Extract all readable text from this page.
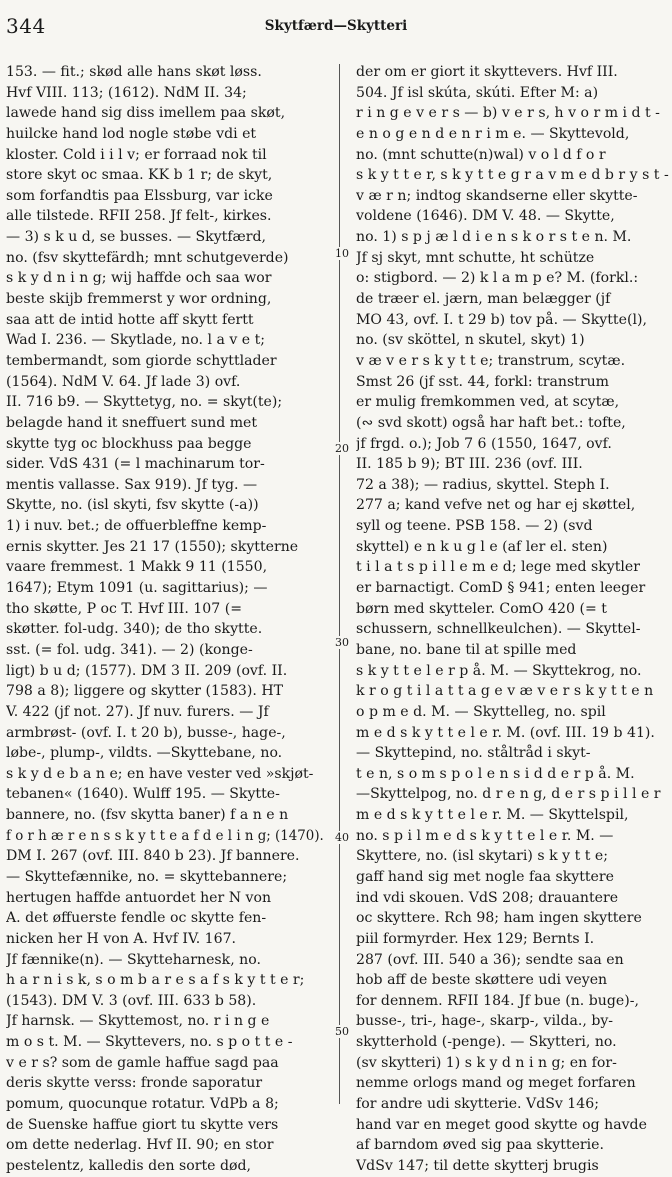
344	Skytfærd—Skytteri
153. — fit.; skød alle hans skøt løss.
Hvf VIII. 113; (1612). NdM II. 34;
lawede hand sig diss imellem paa skøt,
huilcke hand lod nogle støbe vdi et
kloster. Cold i i l v; er forraad nok til
store skyt oc smaa. KK b 1 r; de skyt,
som forfandtis paa Elssburg, var icke
alle tilstede. RFII 258. Jf felt-, kirkes.
— 3) s k u d, se busses. — Skytfærd,
no. (fsv skyttefärdh; mnt schutgeverde)
s k y d n i n g; wij haffde och saa wor
beste skijb fremmerst y wor ordning,
saa att de intid hotte aff skytt fertt
Wad I. 236. — Skytlade, no. l a v e t;
tembermandt, som giorde schyttlader
(1564). NdM V. 64. Jf lade 3) ovf.
II. 716 b9. — Skyttetyg, no. = skyt(te);
belagde hand it sneffuert sund met
skytte tyg oc blockhuss paa begge
sider. VdS 431 (= l machinarum tor-
mentis vallasse. Sax 919). Jf tyg. —
Skytte, no. (isl skyti, fsv skytte (-a))
1) i nuv. bet.; de offuerbleffne kemp-
ernis skytter. Jes 21 17 (1550); skytterne
vaare fremmest. 1 Makk 9 11 (1550,
1647); Etym 1091 (u. sagittarius); —
tho skøtte, P oc T. Hvf III. 107 (=
skøtter. fol-udg. 340); de tho skytte.
sst. (= fol. udg. 341). — 2) (konge-
ligt) b u d; (1577). DM 3 II. 209 (ovf. II.
798 a 8); liggere og skytter (1583). HT
V. 422 (jf not. 27). Jf nuv. furers. — Jf
armbrøst- (ovf. I. t 20 b), busse-, hage-,
løbe-, plump-, vildts. —Skyttebane, no.
s k y d e b a n e; en have vester ved »skjøt-
tebanen« (1640). Wulff 195. — Skytte-
bannere, no. (fsv skytta baner) f a n e n
f o r h æ r e n s s k y t t e a f d e l i n g; (1470).
DM I. 267 (ovf. III. 840 b 23). Jf bannere.
— Skyttefænnike, no. = skyttebannere;
hertugen haffde antuordet her N von
A. det øffuerste fendle oc skytte fen-
nicken her H von A. Hvf IV. 167.
Jf fænnike(n). — Skytteharnesk, no.
h a r n i s k, s o m b a r e s a f s k y t t e r;
(1543). DM V. 3 (ovf. III. 633 b 58).
Jf harnsk. — Skyttemost, no. r i n g e
m o s t. M. — Skyttevers, no. s p o t t e -
v e r s? som de gamle haffue sagd paa
deris skytte verss: fronde saporatur
pomum, quocunque rotatur. VdPb a 8;
de Suenske haffue giort tu skytte vers
om dette nederlag. Hvf II. 90; en stor
pestelentz, kalledis den sorte død,
10
20
30
40
50
der om er giort it skyttevers. Hvf III.
504. Jf isl skúta, skúti. Efter M: a)
r i n g e v e r s — b) v e r s, h v o r m i d t -
e n o g e n d e n r i m e. — Skyttevold,
no. (mnt schutte(n)wal) v o l d f o r
s k y t t e r, s k y t t e g r a v m e d b r y s t -
v æ r n; indtog skandserne eller skytte-
voldene (1646). DM V. 48. — Skytte,
no. 1) s p j æ l d i e n s k o r s t e n. M.
Jf sj skyt, mnt schutte, ht schütze
o: stigbord. — 2) k l a m p e? M. (forkl.:
de træer el. jærn, man belægger (jf
MO 43, ovf. I. t 29 b) tov på. — Skytte(l),
no. (sv sköttel, n skutel, skyt) 1)
v æ v e r s k y t t e; transtrum, scytæ.
Smst 26 (jf sst. 44, forkl: transtrum
er mulig fremkommen ved, at scytæ,
(∾ svd skott) også har haft bet.: tofte,
jf frgd. o.); Job 7 6 (1550, 1647, ovf.
II. 185 b 9); BT III. 236 (ovf. III.
72 a 38); — radius, skyttel. Steph I.
277 a; kand vefve net og har ej skøttel,
syll og teene. PSB 158. — 2) (svd
skyttel) e n k u g l e (af ler el. sten)
t i l a t s p i l l e m e d; lege med skytler
er barnactigt. ComD § 941; enten leeger
børn med skytteler. ComO 420 (= t
schussern, schnellkeulchen). — Skyttel-
bane, no. bane til at spille med
s k y t t e l e r p å. M. — Skyttekrog, no.
k r o g t i l a t t a g e v æ v e r s k y t t e n
o p m e d. M. — Skyttelleg, no. spil
m e d s k y t t e l e r. M. (ovf. III. 19 b 41).
— Skyttepind, no. ståltråd i skyt-
t e n, s o m s p o l e n s i d d e r p å. M.
—Skyttelpog, no. d r e n g, d e r s p i l l e r
m e d s k y t t e l e r. M. — Skyttelspil,
no. s p i l m e d s k y t t e l e r. M. —
Skyttere, no. (isl skytari) s k y t t e;
gaff hand sig met nogle faa skyttere
ind vdi skouen. VdS 208; drauantere
oc skyttere. Rch 98; ham ingen skyttere
piil formyrder. Hex 129; Bernts I.
287 (ovf. III. 540 a 36); sendte saa en
hob aff de beste skøttere udi veyen
for dennem. RFII 184. Jf bue (n. buge)-,
busse-, tri-, hage-, skarp-, vilda., by-
skytterhold (-penge). — Skytteri, no.
(sv skytteri) 1) s k y d n i n g; en for-
nemme orlogs mand og meget forfaren
for andre udi skytterie. VdSv 146;
hand var en meget good skytte og havde
af barndom øved sig paa skytterie.
VdSv 147; til dette skytterj brugis
